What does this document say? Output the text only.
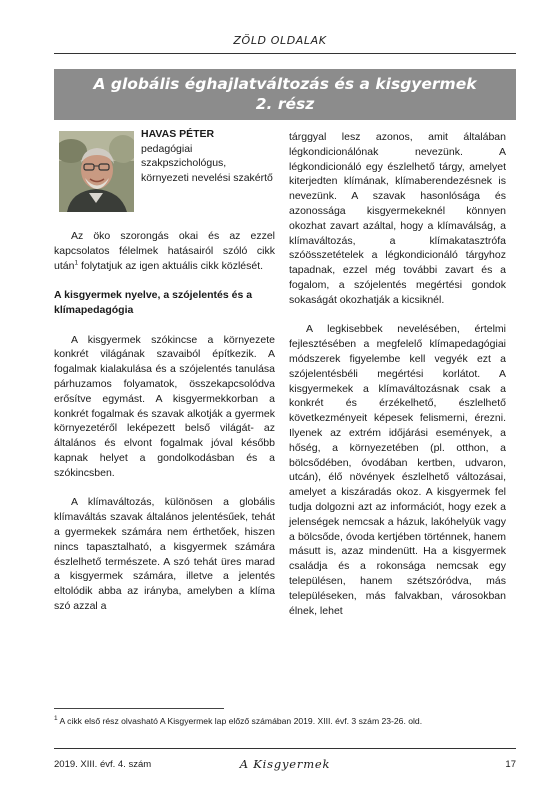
ZÖLD OLDALAK
A globális éghajlatváltozás és a kisgyermek
2. rész
HAVAS PÉTER
pedagógiai szakpszichológus, környezeti nevelési szakértő

Az öko szorongás okai és az ezzel kapcsolatos félelmek hatásairól szóló cikk után$^1$ folytatjuk az igen aktuális cikk közlését.

A kisgyermek nyelve, a szójelentés és a klímapedagógia

A kisgyermek szókincse a környezete konkrét világának szavaiból építkezik. A fogalmak kialakulása és a szójelentés tanulása párhuzamos folyamatok, összekapcsolódva erősítve egymást. A kisgyermekkorban a konkrét fogalmak és szavak alkotják a gyermek környezetéről leképezett belső világát- az általános és elvont fogalmak jóval később kapnak helyet a gondolkodásban és a szókincsben.

A klímaváltozás, különösen a globális klímaváltás szavak általános jelentésűek, tehát a gyermekek számára nem érthetőek, hiszen nincs tapasztalható, a kisgyermek számára észlelhető természete. A szó tehát üres marad a kisgyermek számára, illetve a jelentés eltolódik abba az irányba, amelyben a klíma szó azzal a

tárggyal lesz azonos, amit általában légkondicionálónak nevezünk. A légkondicionáló egy észlelhető tárgy, amelyet kiterjedten klímának, klímaberendezésnek is nevezünk. A szavak hasonlósága és azonossága kisgyermekeknél könnyen okozhat zavart azáltal, hogy a klímaválság, a klímaváltozás, a klímakatasztrófa szóösszetételek a légkondicionáló tárgyhoz tapadnak, ezzel még további zavart és a fogalom, a szójelentés megértési gondok sokaságát okozhatják a kicsiknél.

A legkisebbek nevelésében, értelmi fejlesztésében a megfelelő klímapedagógiai módszerek figyelembe kell vegyék ezt a szójelentésbéli megértési korlátot. A kisgyermekek a klímaváltozásnak csak a konkrét és érzékelhető, észlelhető következményeit képesek felismerni, érezni. Ilyenek az extrém időjárási események, a hőség, a környezetében (pl. otthon, a bölcsődében, óvodában kertben, udvaron, utcán), élő növények észlelhető változásai, amelyet a kiszáradás okoz. A kisgyermek fel tudja dolgozni azt az információt, hogy ezek a jelenségek nemcsak a házuk, lakóhelyük vagy a bölcsőde, óvoda kertjében történnek, hanem másutt is, azaz mindenütt. Ha a kisgyermek családja és a rokonsága nemcsak egy településen, hanem szétszóródva, más településeken, más falvakban, városokban élnek, lehet

$^1$ A cikk első rész olvasható A Kisgyermek lap előző számában 2019. XIII. évf. 3 szám 23-26. old.
2019. XIII. évf. 4. szám	A Kisgyermek	17
